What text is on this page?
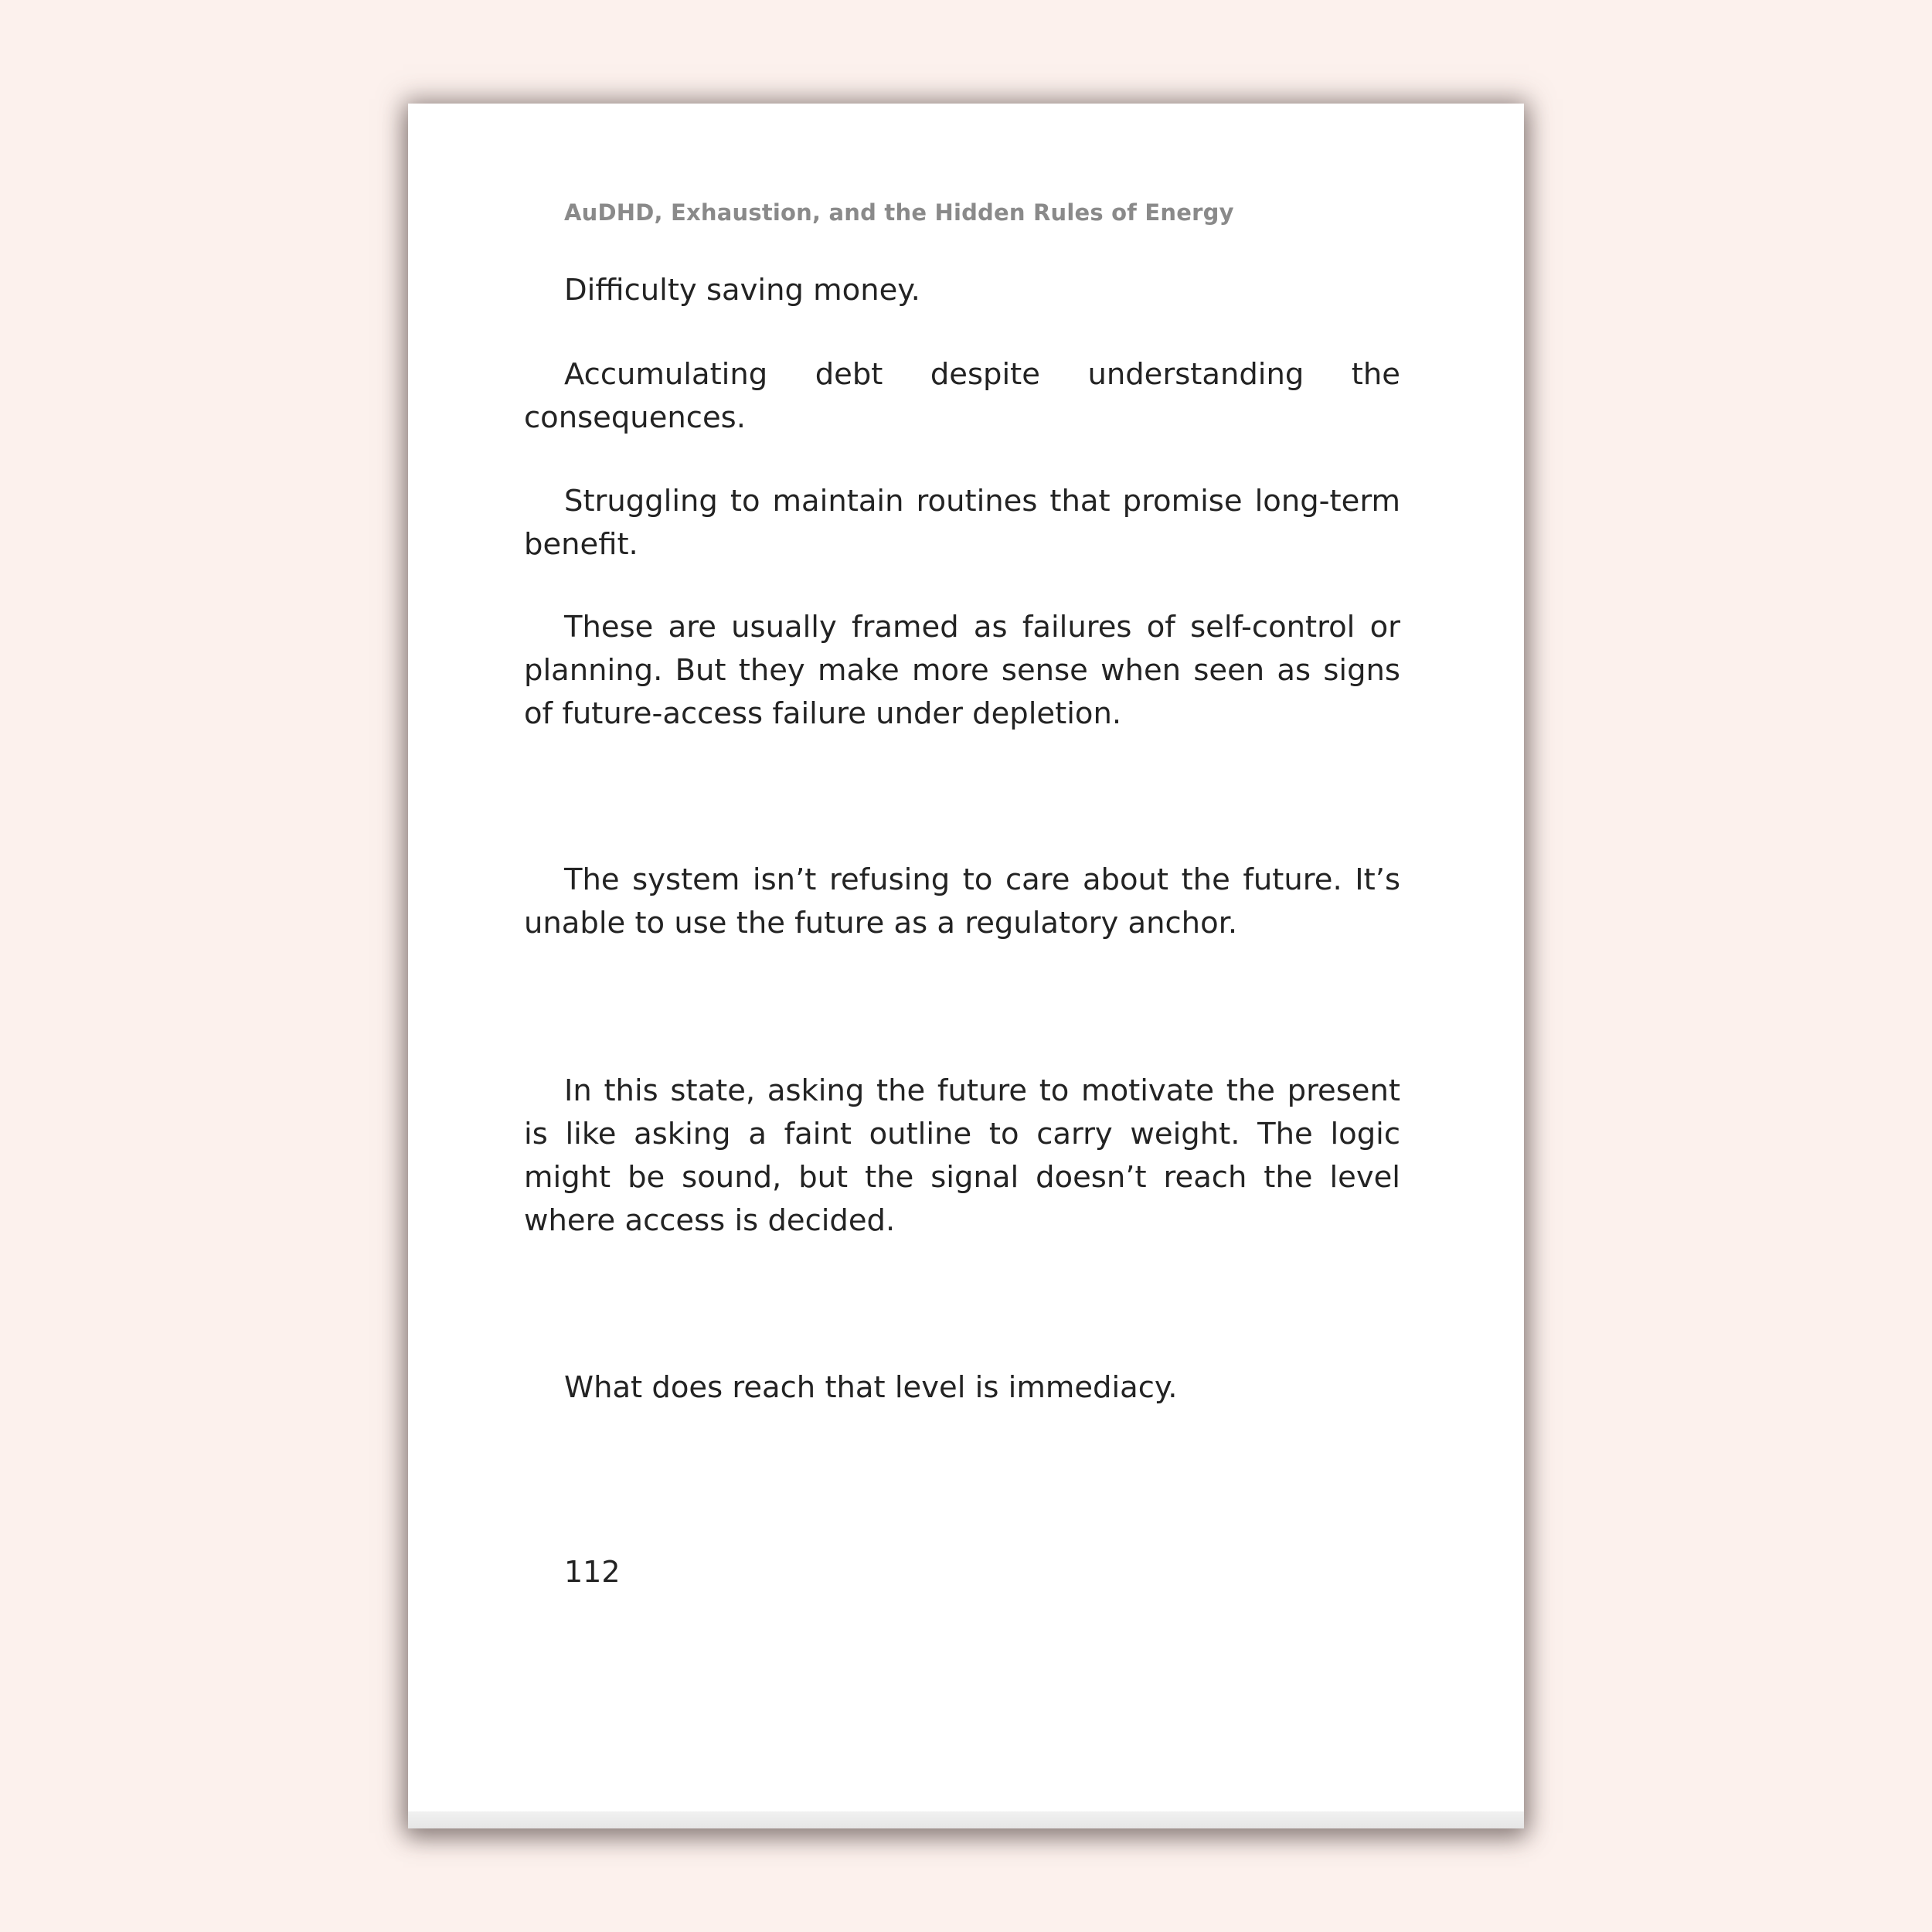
AuDHD, Exhaustion, and the Hidden Rules of Energy

Difficulty saving money.

Accumulating debt despite understanding the consequences.

Struggling to maintain routines that promise long-term benefit.

These are usually framed as failures of self-control or planning. But they make more sense when seen as signs of future-access failure under depletion.

The system isn’t refusing to care about the future. It’s unable to use the future as a regulatory anchor.

In this state, asking the future to motivate the present is like asking a faint outline to carry weight. The logic might be sound, but the signal doesn’t reach the level where access is decided.

What does reach that level is immediacy.

112
